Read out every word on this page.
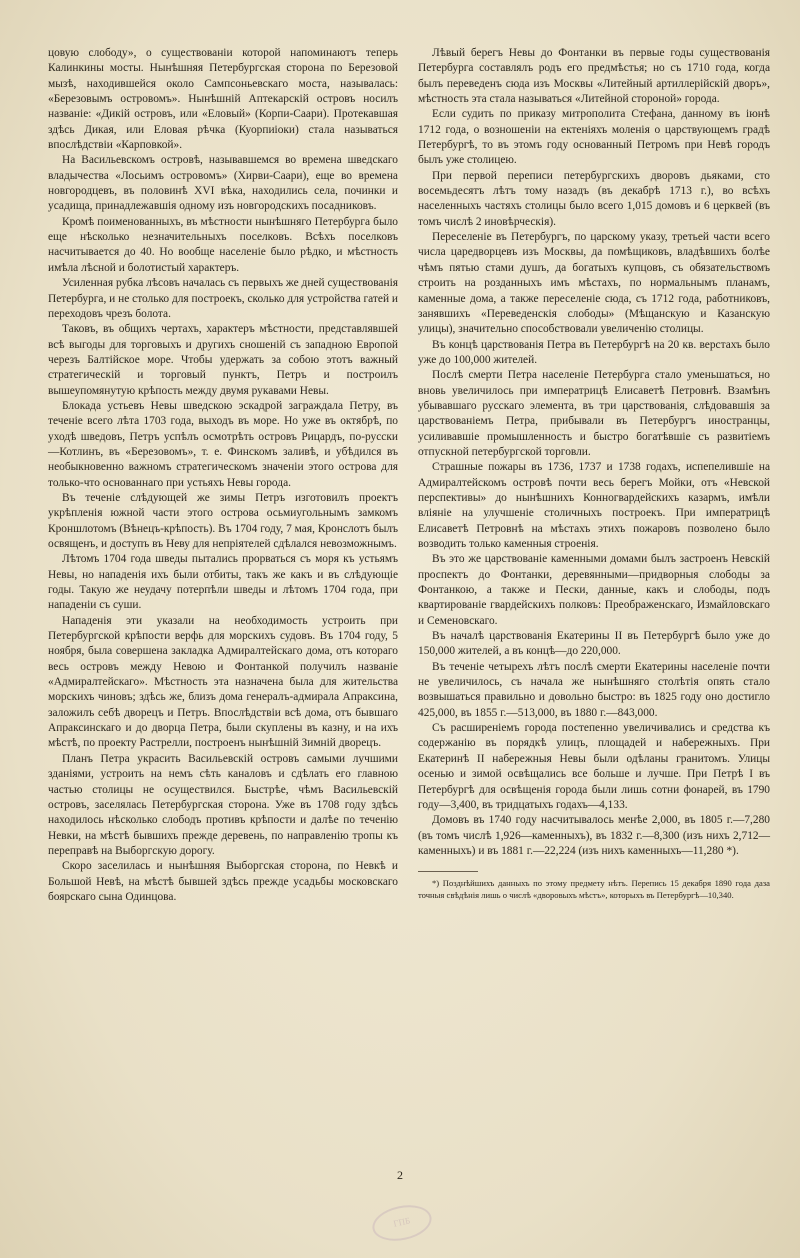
цовую слободу», о существованіи которой напоминаютъ теперь Калинкины мосты. Нынѣшняя Петербургская сторона по Березовой мызѣ, находившейся около Сампсоньевскаго моста, называлась: «Березовымъ островомъ». Нынѣшній Аптекарскій островъ носилъ названіе: «Дикій островъ, или «Еловый» (Корпи-Саари). Протекавшая здѣсь Дикая, или Еловая рѣчка (Куорпиіоки) стала называться впослѣдствіи «Карповкой».

На Васильевскомъ островѣ, называвшемся во времена шведскаго владычества «Лосьимъ островомъ» (Хирви-Саари), еще во времена новгородцевъ, въ половинѣ XVI вѣка, находились села, починки и усадища, принадлежавшія одному изъ новгородскихъ посадниковъ.

Кромѣ поименованныхъ, въ мѣстности нынѣшняго Петербурга было еще нѣсколько незначительныхъ поселковъ. Всѣхъ поселковъ насчитывается до 40. Но вообще населеніе было рѣдко, и мѣстность имѣла лѣсной и болотистый характеръ.

Усиленная рубка лѣсовъ началась съ первыхъ же дней существованія Петербурга, и не столько для построекъ, сколько для устройства гатей и переходовъ чрезъ болота.

Таковъ, въ общихъ чертахъ, характеръ мѣстности, представлявшей всѣ выгоды для торговыхъ и другихъ сношеній съ западною Европой черезъ Балтійское море. Чтобы удержать за собою этотъ важный стратегическій и торговый пунктъ, Петръ и построилъ вышеупомянутую крѣпость между двумя рукавами Невы.

Блокада устьевъ Невы шведскою эскадрой заграждала Петру, въ теченіе всего лѣта 1703 года, выходъ въ море. Но уже въ октябрѣ, по уходѣ шведовъ, Петръ успѣлъ осмотрѣть островъ Рицардъ, по-русски—Котлинъ, въ «Березовомъ», т. е. Финскомъ заливѣ, и убѣдился въ необыкновенно важномъ стратегическомъ значеніи этого острова для только-что основаннаго при устьяхъ Невы города.

Въ теченіе слѣдующей же зимы Петръ изготовилъ проектъ укрѣпленія южной части этого острова осьмиугольнымъ замкомъ Кроншлотомъ (Вѣнецъ-крѣпость). Въ 1704 году, 7 мая, Кронслотъ былъ освященъ, и доступъ въ Неву для непріятелей сдѣлался невозможнымъ.

Лѣтомъ 1704 года шведы пытались прорваться съ моря къ устьямъ Невы, но нападенія ихъ были отбиты, такъ же какъ и въ слѣдующіе годы. Такую же неудачу потерпѣли шведы и лѣтомъ 1704 года, при нападеніи съ суши.

Нападенія эти указали на необходимость устроить при Петербургской крѣпости верфь для морскихъ судовъ. Въ 1704 году, 5 ноября, была совершена закладка Адмиралтейскаго дома, отъ котораго весь островъ между Невою и Фонтанкой получилъ названіе «Адмиралтейскаго». Мѣстность эта назначена была для жительства морскихъ чиновъ; здѣсь же, близъ дома генералъ-адмирала Апраксина, заложилъ себѣ дворецъ и Петръ. Впослѣдствіи всѣ дома, отъ бывшаго Апраксинскаго и до дворца Петра, были скуплены въ казну, и на ихъ мѣстѣ, по проекту Растрелли, построенъ нынѣшній Зимній дворецъ.

Планъ Петра украсить Васильевскій островъ самыми лучшими зданіями, устроить на немъ сѣть каналовъ и сдѣлать его главною частью столицы не осуществился. Быстрѣе, чѣмъ Васильевскій островъ, заселялась Петербургская сторона. Уже въ 1708 году здѣсь находилось нѣсколько слободъ противъ крѣпости и далѣе по теченію Невки, на мѣстѣ бывшихъ прежде деревень, по направленію тропы къ переправѣ на Выборгскую дорогу.

Скоро заселилась и нынѣшняя Выборгская сторона, по Невкѣ и Большой Невѣ, на мѣстѣ бывшей здѣсь прежде усадьбы московскаго боярскаго сына Одинцова.

Лѣвый берегъ Невы до Фонтанки въ первые годы существованія Петербурга составлялъ родъ его предмѣстья; но съ 1710 года, когда былъ переведенъ сюда изъ Москвы «Литейный артиллерійскій дворъ», мѣстность эта стала называться «Литейной стороной» города.

Если судить по приказу митрополита Стефана, данному въ іюнѣ 1712 года, о возношеніи на ектеніяхъ моленія о царствующемъ градѣ Петербургѣ, то въ этомъ году основанный Петромъ при Невѣ городъ былъ уже столицею.

При первой переписи петербургскихъ дворовъ дьяками, сто восемьдесятъ лѣтъ тому назадъ (въ декабрѣ 1713 г.), во всѣхъ населенныхъ частяхъ столицы было всего 1,015 домовъ и 6 церквей (въ томъ числѣ 2 иновѣрческія).

Переселеніе въ Петербургъ, по царскому указу, третьей части всего числа царедворцевъ изъ Москвы, да помѣщиковъ, владѣвшихъ болѣе чѣмъ пятью стами душъ, да богатыхъ купцовъ, съ обязательствомъ строить на розданныхъ имъ мѣстахъ, по нормальнымъ планамъ, каменные дома, а также переселеніе сюда, съ 1712 года, работниковъ, занявшихъ «Переведенскія слободы» (Мѣщанскую и Казанскую улицы), значительно способствовали увеличенію столицы.

Въ концѣ царствованія Петра въ Петербургѣ на 20 кв. верстахъ было уже до 100,000 жителей.

Послѣ смерти Петра населеніе Петербурга стало уменьшаться, но вновь увеличилось при императрицѣ Елисаветѣ Петровнѣ. Взамѣнъ убывавшаго русскаго элемента, въ три царствованія, слѣдовавшія за царствованіемъ Петра, прибывали въ Петербургъ иностранцы, усиливавшіе промышленность и быстро богатѣвшіе съ развитіемъ отпускной петербургской торговли.

Страшные пожары въ 1736, 1737 и 1738 годахъ, испепелившіе на Адмиралтейскомъ островѣ почти весь берегъ Мойки, отъ «Невской перспективы» до нынѣшнихъ Конногвардейскихъ казармъ, имѣли вліяніе на улучшеніе столичныхъ построекъ. При императрицѣ Елисаветѣ Петровнѣ на мѣстахъ этихъ пожаровъ позволено было возводить только каменныя строенія.

Въ это же царствованіе каменными домами былъ застроенъ Невскій проспектъ до Фонтанки, деревянными—придворныя слободы за Фонтанкою, а также и Пески, данные, какъ и слободы, подъ квартированіе гвардейскихъ полковъ: Преображенскаго, Измайловскаго и Семеновскаго.

Въ началѣ царствованія Екатерины II въ Петербургѣ было уже до 150,000 жителей, а въ концѣ—до 220,000.

Въ теченіе четырехъ лѣтъ послѣ смерти Екатерины населеніе почти не увеличилось, съ начала же нынѣшняго столѣтія опять стало возвышаться правильно и довольно быстро: въ 1825 году оно достигло 425,000, въ 1855 г.—513,000, въ 1880 г.—843,000.

Съ расширеніемъ города постепенно увеличивались и средства къ содержанію въ порядкѣ улицъ, площадей и набережныхъ. При Екатеринѣ II набережныя Невы были одѣланы гранитомъ. Улицы осенью и зимой освѣщались все больше и лучше. При Петрѣ I въ Петербургѣ для освѣщенія города были лишь сотни фонарей, въ 1790 году—3,400, въ тридцатыхъ годахъ—4,133.

Домовъ въ 1740 году насчитывалось менѣе 2,000, въ 1805 г.—7,280 (въ томъ числѣ 1,926—каменныхъ), въ 1832 г.—8,300 (изъ нихъ 2,712—каменныхъ) и въ 1881 г.—22,224 (изъ нихъ каменныхъ—11,280 *).

*) Позднѣйшихъ данныхъ по этому предмету нѣтъ. Перепись 15 декабря 1890 года даза точныя свѣдѣнія лишь о числѣ «дворовыхъ мѣстъ», которыхъ въ Петербургѣ—10,340.

2
ГПБ
